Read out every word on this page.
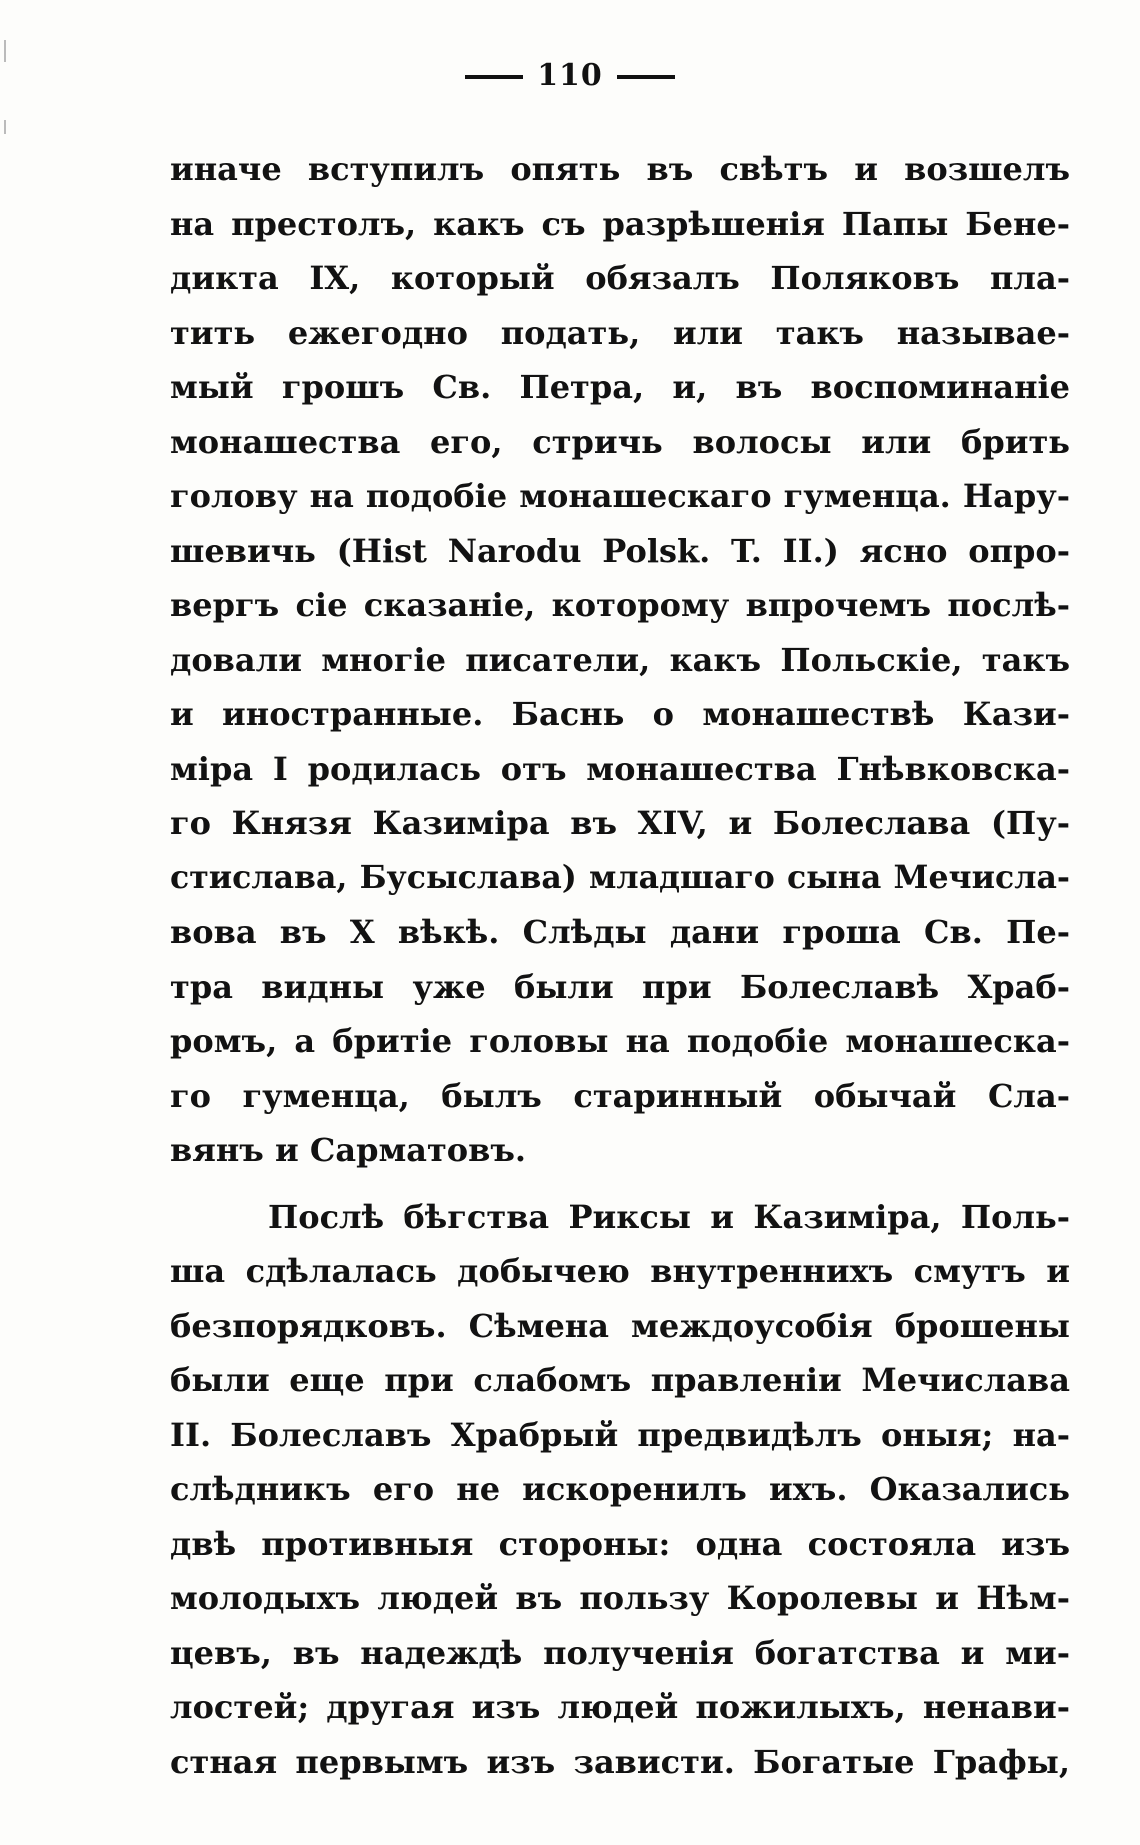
110
иначе вступилъ опять въ свѣтъ и возшелъ
на престолъ, какъ съ разрѣшенія Папы Бене-
дикта IX, который обязалъ Поляковъ пла-
тить ежегодно подать, или такъ называе-
мый грошъ Св. Петра, и, въ воспоминаніе
монашества его, стричь волосы или брить
голову на подобіе монашескаго гуменца. Нару-
шевичь (Hist Narodu Polsk. T. II.) ясно опро-
вергъ сіе сказаніе, которому впрочемъ послѣ-
довали многіе писатели, какъ Польскіе, такъ
и иностранные. Баснь о монашествѣ Кази-
міра I родилась отъ монашества Гнѣвковска-
го Князя Казиміра въ XIV, и Болеслава (Пу-
стислава, Бусыслава) младшаго сына Мечисла-
вова въ X вѣкѣ. Слѣды дани гроша Св. Пе-
тра видны уже были при Болеславѣ Храб-
ромъ, а бритіе головы на подобіе монашеска-
го гуменца, былъ старинный обычай Сла-
вянъ и Сарматовъ.
Послѣ бѣгства Риксы и Казиміра, Поль-
ша сдѣлалась добычею внутреннихъ смутъ и
безпорядковъ. Сѣмена междоусобія брошены
были еще при слабомъ правленіи Мечислава
II. Болеславъ Храбрый предвидѣлъ оныя; на-
слѣдникъ его не искоренилъ ихъ. Оказались
двѣ противныя стороны: одна состояла изъ
молодыхъ людей въ пользу Королевы и Нѣм-
цевъ, въ надеждѣ полученія богатства и ми-
лостей; другая изъ людей пожилыхъ, ненави-
стная первымъ изъ зависти. Богатые Графы,
